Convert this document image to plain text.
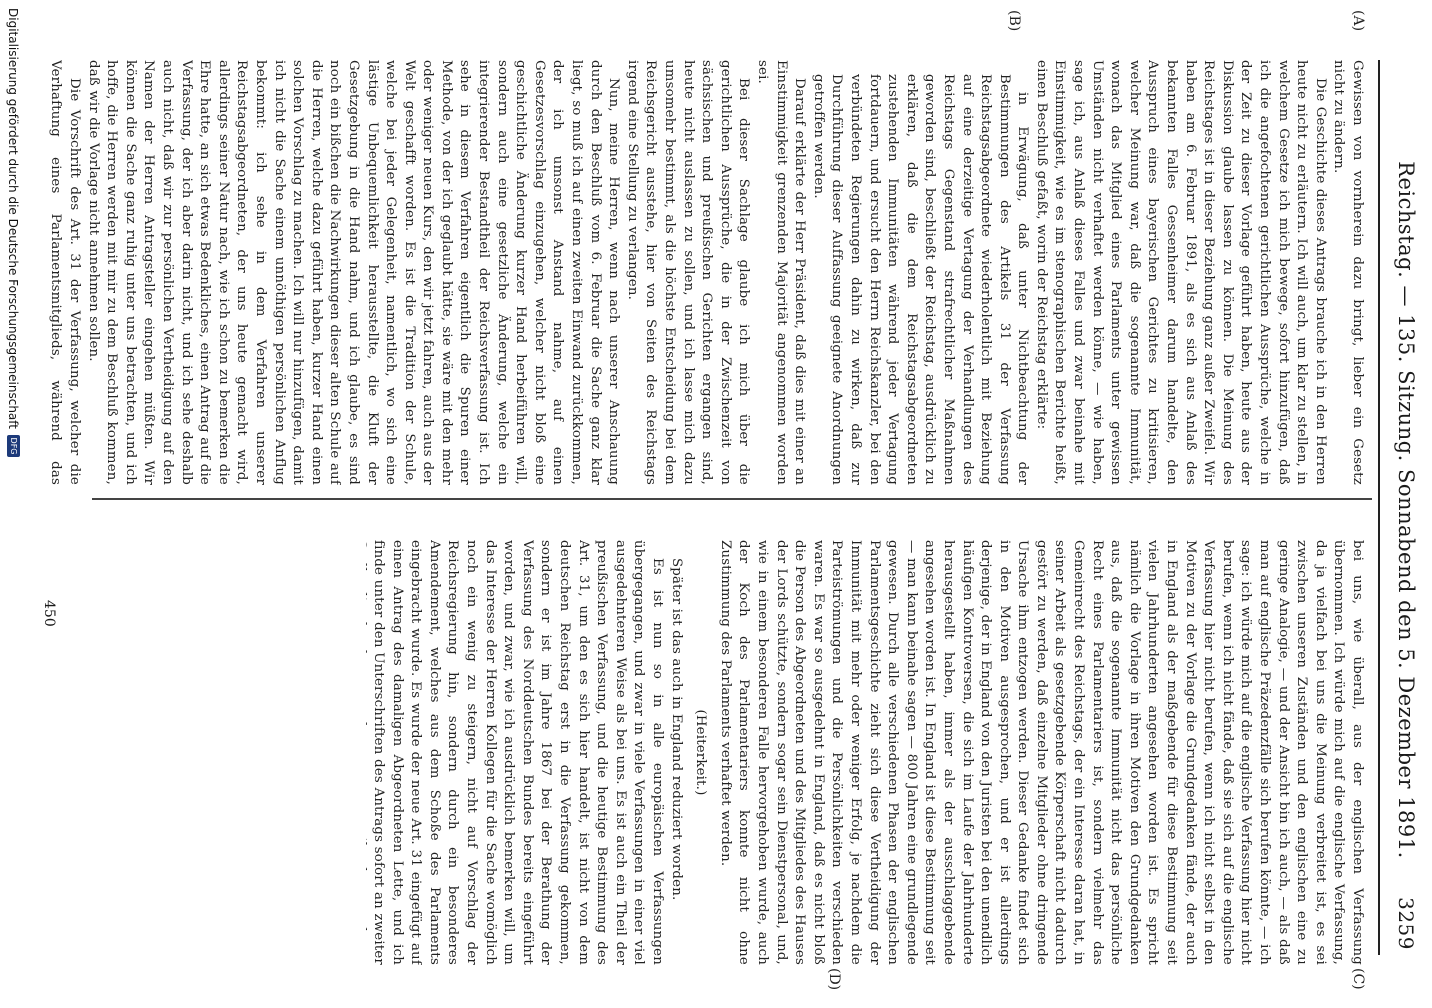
Reichstag. — 135. Sitzung. Sonnabend den 5. Dezember 1891.
3259
(A)
(B)
(C)
(D)

Gewissen von vornherein dazu bringt, lieber ein Gesetz nicht zu ändern.

Die Geschichte dieses Antrags brauche ich in den Herren heute nicht zu erläutern. Ich will auch, um klar zu stellen, in welchem Gesetze ich mich bewege, sofort hinzufügen, daß ich die angefochtenen gerichtlichen Aussprüche, welche in der Zeit zu dieser Vorlage geführt haben, heute aus der Diskussion glaube lassen zu können. Die Meinung des Reichstages ist in dieser Beziehung ganz außer Zweifel. Wir haben am 6. Februar 1891, als es sich aus Anlaß des bekannten Falles Gessenheimer darum handelte, den Ausspruch eines bayerischen Gerichtes zu kritisieren, welcher Meinung war, daß die sogenannte Immunität, wonach das Mitglied eines Parlaments unter gewissen Umständen nicht verhaftet werden könne, — wie haben, sage ich, aus Anlaß dieses Falles und zwar beinahe mit Einstimmigkeit, wie es im stenographischen Berichte heißt, einen Beschluß gefaßt, worin der Reichstag erklärte:

in Erwägung, daß unter Nichtbeachtung der Bestimmungen des Artikels 31 der Verfassung Reichstagsabgeordnete wiederholentlich mit Beziehung auf eine derzeitige Vertagung der Verhandlungen des Reichstags Gegenstand strafrechtlicher Maßnahmen geworden sind, beschließt der Reichstag, ausdrücklich zu erklären, daß die dem Reichstagsabgeordneten zustehenden Immunitäten während jeder Vertagung fortdauern, und ersucht den Herrn Reichskanzler, bei den verbündeten Regierungen dahin zu wirken, daß zur Durchführung dieser Auffassung geeignete Anordnungen getroffen werden.

Darauf erklärte der Herr Präsident, daß dies mit einer an Einstimmigkeit grenzenden Majorität angenommen worden sei.

Bei dieser Sachlage glaube ich mich über die gerichtlichen Aussprüche, die in der Zwischenzeit von sächsischen und preußischen Gerichten ergangen sind, heute nicht auslassen zu sollen, und ich lasse mich dazu umsomehr bestimmt, als die höchste Entscheidung bei dem Reichsgericht ausstehe, hier von Seiten des Reichstags irgend eine Stellung zu verlangen.

Nun, meine Herren, wenn nach unserer Anschauung durch den Beschluß vom 6. Februar die Sache ganz klar liegt, so muß ich auf einen zweiten Einwand zurückkommen, der ich umsonst Anstand nahme, auf einen Gesetzesvorschlag einzugehen, welcher nicht bloß eine geschichtliche Änderung kurzer Hand herbeiführen will, sondern auch eine gesetzliche Änderung, welche ein integrierender Bestandtheil der Reichsverfassung ist. Ich sehe in diesem Verfahren eigentlich die Spuren einer Methode, von der ich geglaubt hätte, sie wäre mit den mehr oder weniger neuen Kurs, den wir jetzt fahren, auch aus der Welt geschafft worden. Es ist die Tradition der Schule, welche bei jeder Gelegenheit, namentlich, wo sich eine lästige Unbequemlichkeit herausstellte, die Kluft der Gesetzgebung in die Hand nahm, und ich glaube, es sind noch ein bißchen die Nachwirkungen dieser alten Schule auf die Herren, welche dazu geführt haben, kurzer Hand einen solchen Vorschlag zu machen. Ich will nur hinzufügen, damit ich nicht die Sache einem unnöthigen persönlichen Anflug bekommt: ich sehe in dem Verfahren unserer Reichstagsabgeordneten, der uns heute gemacht wird, allerdings seiner Natur nach, wie ich schon zu bemerken die Ehre hatte, an sich etwas Bedenkliches, einen Antrag auf die Verfassung, der ich aber darin nicht, und ich sehe deshalb auch nicht, daß wir zur persönlichen Vertheidigung auf den Namen der Herren Antragsteller eingehen müßten. Wir können die Sache ganz ruhig unter uns betrachten, und ich hoffe, die Herren werden mit mir zu dem Beschluß kommen, daß wir die Vorlage nicht annehmen sollen.

Die Vorschrift des Art. 31 der Verfassung, welcher die Verhaftung eines Parlamentsmitglieds, während das

bei uns, wie überall, aus der englischen Verfassung übernommen. Ich würde mich auf die englische Verfassung, da ja vielfach bei uns die Meinung verbreitet ist, es sei zwischen unseren Zuständen und den englischen eine zu geringe Analogie, — und der Ansicht bin ich auch, — als daß man auf englische Präzedenzfälle sich berufen könnte, — ich sage: ich würde mich auf die englische Verfassung hier nicht berufen, wenn ich nicht fände, daß sie sich auf die englische Verfassung hier nicht berufen, wenn ich nicht selbst in den Motiven zu der Vorlage die Grundgedanken fände, der auch in England als der maßgebende für diese Bestimmung seit vielen Jahrhunderten angesehen worden ist. Es spricht nämlich die Vorlage in ihren Motiven den Grundgedanken aus, daß die sogenannte Immunität nicht das persönliche Recht eines Parlamentariers ist, sondern vielmehr das Gemeinrecht des Reichstags, der ein Interesse daran hat, in seiner Arbeit als gesetzgebende Körperschaft nicht dadurch gestört zu werden, daß einzelne Mitglieder ohne dringende Ursache ihm entzogen werden. Dieser Gedanke findet sich in den Motiven ausgesprochen, und er ist allerdings derjenige, der in England von den Juristen bei den unendlich häufigen Kontroversen, die sich im Laufe der Jahrhunderte herausgestellt haben, immer als der ausschlaggebende angesehen worden ist. In England ist diese Bestimmung seit — man kann beinahe sagen — 800 Jahren eine grundlegende gewesen. Durch alle verschiedenen Phasen der englischen Parlamentsgeschichte zieht sich diese Vertheidigung der Immunität mit mehr oder weniger Erfolg, je nachdem die Parteiströmungen und die Persönlichkeiten verschieden waren. Es war so ausgedehnt in England, daß es nicht bloß die Person des Abgeordneten und des Mitgliedes des Hauses der Lords schützte, sondern sogar sein Dienstpersonal, und, wie in einem besonderen Falle hervorgehoben wurde, auch der Koch des Parlamentariers konnte nicht ohne Zustimmung des Parlaments verhaftet werden.

(Heiterkeit.)

Später ist das auch in England reduziert worden.

Es ist nun so in alle europäischen Verfassungen übergegangen, und zwar in viele Verfassungen in einer viel ausgedehnteren Weise als bei uns. Es ist auch ein Theil der preußischen Verfassung, und die heutige Bestimmung des Art. 31, um den es sich hier handelt, ist nicht von dem deutschen Reichstag erst in die Verfassung gekommen, sondern er ist im Jahre 1867 bei der Berathung der Verfassung des Norddeutschen Bundes bereits eingeführt worden, und zwar, wie ich ausdrücklich bemerken will, um das Interesse der Herren Kollegen für die Sache womöglich noch ein wenig zu steigern, nicht auf Vorschlag der Reichsregierung hin, sondern durch ein besonderes Amendement, welches aus dem Schoße des Parlaments eingebracht wurde. Es wurde der neue Art. 31 eingefügt auf einen Antrag des damaligen Abgeordneten Lette, und ich finde unter den Unterschriften des Antrags sofort an zweiter

450
Digitalisierung gefördert durch die Deutsche Forschungsgemeinschaft
DFG
